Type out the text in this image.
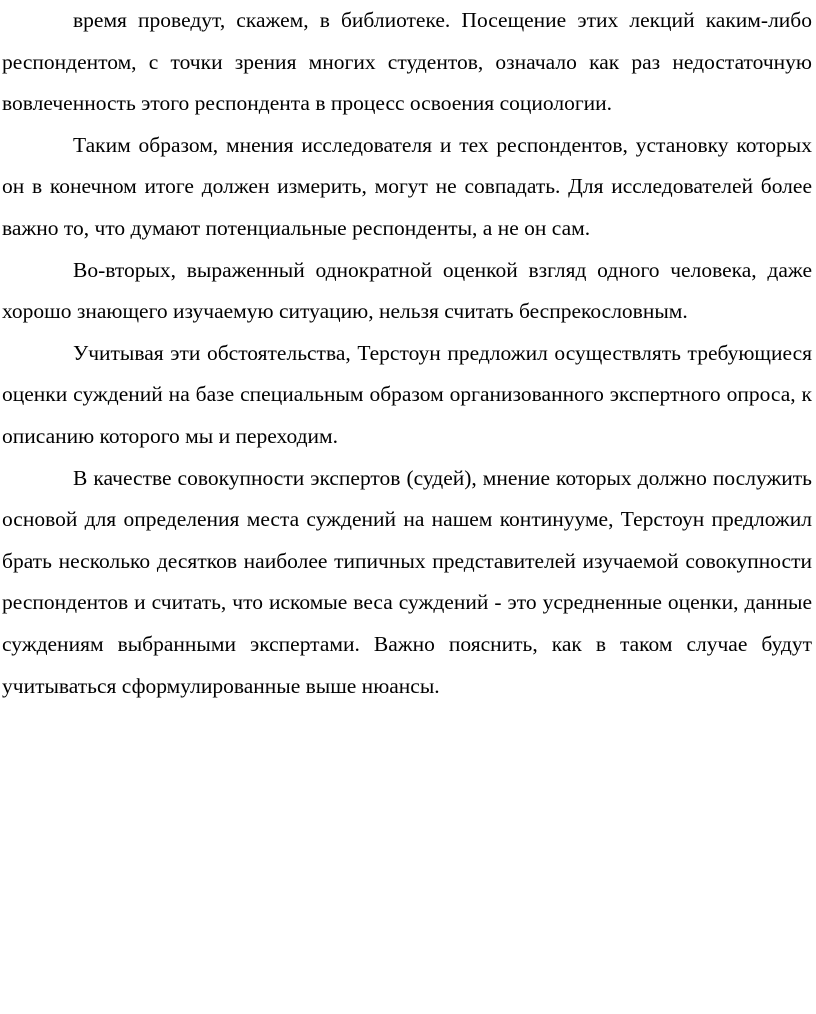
время проведут, скажем, в библиотеке. Посещение этих лекций каким-либо респондентом, с точки зрения многих студентов, означало как раз недостаточную вовлеченность этого респондента в процесс освоения социологии.

Таким образом, мнения исследователя и тех респондентов, установку которых он в конечном итоге должен измерить, могут не совпадать. Для исследователей более важно то, что думают потенциальные респонденты, а не он сам.

Во-вторых, выраженный однократной оценкой взгляд одного человека, даже хорошо знающего изучаемую ситуацию, нельзя считать беспрекословным.

Учитывая эти обстоятельства, Терстоун предложил осуществлять требующиеся оценки суждений на базе специальным образом организованного экспертного опроса, к описанию которого мы и переходим.

В качестве совокупности экспертов (судей), мнение которых должно послужить основой для определения места суждений на нашем континууме, Терстоун предложил брать несколько десятков наиболее типичных представителей изучаемой совокупности респондентов и считать, что искомые веса суждений - это усредненные оценки, данные суждениям выбранными экспертами. Важно пояснить, как в таком случае будут учитываться сформулированные выше нюансы.
